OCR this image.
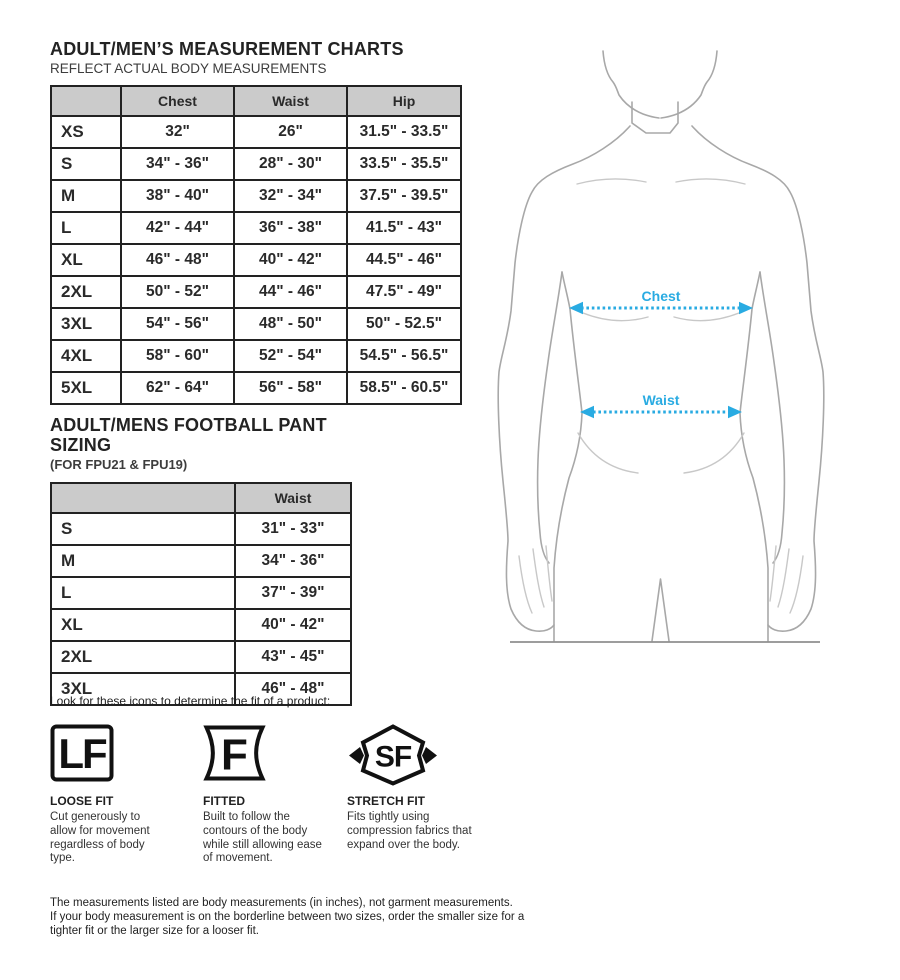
ADULT/MEN’S MEASUREMENT CHARTS
REFLECT ACTUAL BODY MEASUREMENTS
	Chest	Waist	Hip
XS	32"	26"	31.5" - 33.5"
S	34" - 36"	28" - 30"	33.5" - 35.5"
M	38" - 40"	32" - 34"	37.5" - 39.5"
L	42" - 44"	36" - 38"	41.5" - 43"
XL	46" - 48"	40" - 42"	44.5" - 46"
2XL	50" - 52"	44" - 46"	47.5" - 49"
3XL	54" - 56"	48" - 50"	50" - 52.5"
4XL	58" - 60"	52" - 54"	54.5" - 56.5"
5XL	62" - 64"	56" - 58"	58.5" - 60.5"
ADULT/MENS FOOTBALL PANT SIZING
(FOR FPU21 & FPU19)
	Waist
S	31" - 33"
M	34" - 36"
L	37" - 39"
XL	40" - 42"
2XL	43" - 45"
3XL	46" - 48"
Look for these icons to determine the fit of a product:
LF
LOOSE FIT
Cut generously to allow for movement regardless of body type.
F
FITTED
Built to follow the contours of the body while still allowing ease of movement.
SF
STRETCH FIT
Fits tightly using compression fabrics that expand over the body.

The measurements listed are body measurements (in inches), not garment measurements.

If your body measurement is on the borderline between two sizes, order the smaller size for a tighter fit or the larger size for a looser fit.

Chest
Waist
